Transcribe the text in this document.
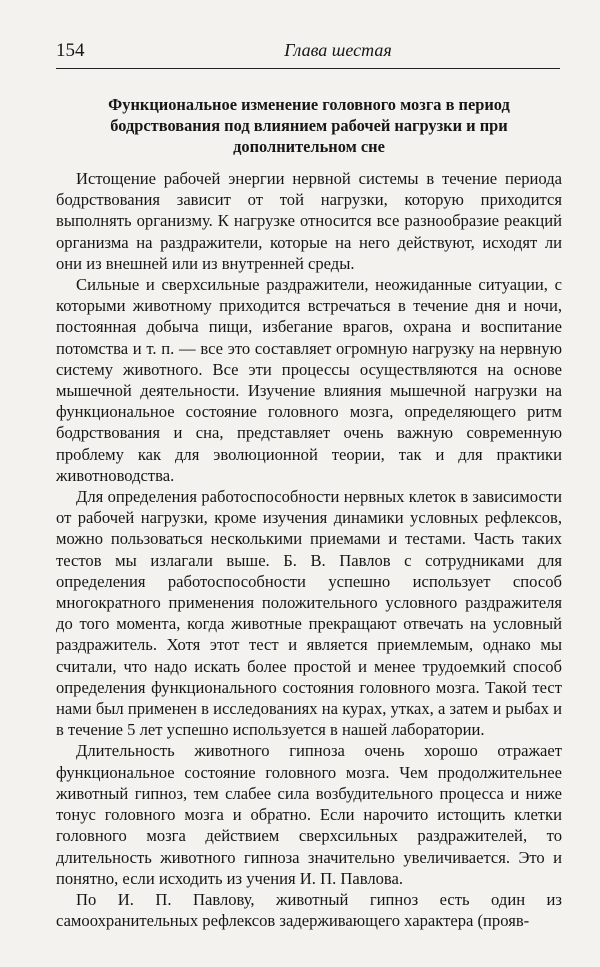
154	Глава шестая
Функциональное изменение головного мозга в период бодрствования под влиянием рабочей нагрузки и при дополнительном сне

Истощение рабочей энергии нервной системы в течение периода бодрствования зависит от той нагрузки, которую приходится выполнять организму. К нагрузке относится все разнообразие реакций организма на раздражители, которые на него действуют, исходят ли они из внешней или из внутренней среды.

Сильные и сверхсильные раздражители, неожиданные ситуации, с которыми животному приходится встречаться в течение дня и ночи, постоянная добыча пищи, избегание врагов, охрана и воспитание потомства и т. п. — все это составляет огромную нагрузку на нервную систему животного. Все эти процессы осуществляются на основе мышечной деятельности. Изучение влияния мышечной нагрузки на функциональное состояние головного мозга, определяющего ритм бодрствования и сна, представляет очень важную современную проблему как для эволюционной теории, так и для практики животноводства.

Для определения работоспособности нервных клеток в зависимости от рабочей нагрузки, кроме изучения динамики условных рефлексов, можно пользоваться несколькими приемами и тестами. Часть таких тестов мы излагали выше. Б. В. Павлов с сотрудниками для определения работоспособности успешно использует способ многократного применения положительного условного раздражителя до того момента, когда животные прекращают отвечать на условный раздражитель. Хотя этот тест и является приемлемым, однако мы считали, что надо искать более простой и менее трудоемкий способ определения функционального состояния головного мозга. Такой тест нами был применен в исследованиях на курах, утках, а затем и рыбах и в течение 5 лет успешно используется в нашей лаборатории.

Длительность животного гипноза очень хорошо отражает функциональное состояние головного мозга. Чем продолжительнее животный гипноз, тем слабее сила возбудительного процесса и ниже тонус головного мозга и обратно. Если нарочито истощить клетки головного мозга действием сверхсильных раздражителей, то длительность животного гипноза значительно увеличивается. Это и понятно, если исходить из учения И. П. Павлова.

По И. П. Павлову, животный гипноз есть один из самоохранительных рефлексов задерживающего характера (прояв-
